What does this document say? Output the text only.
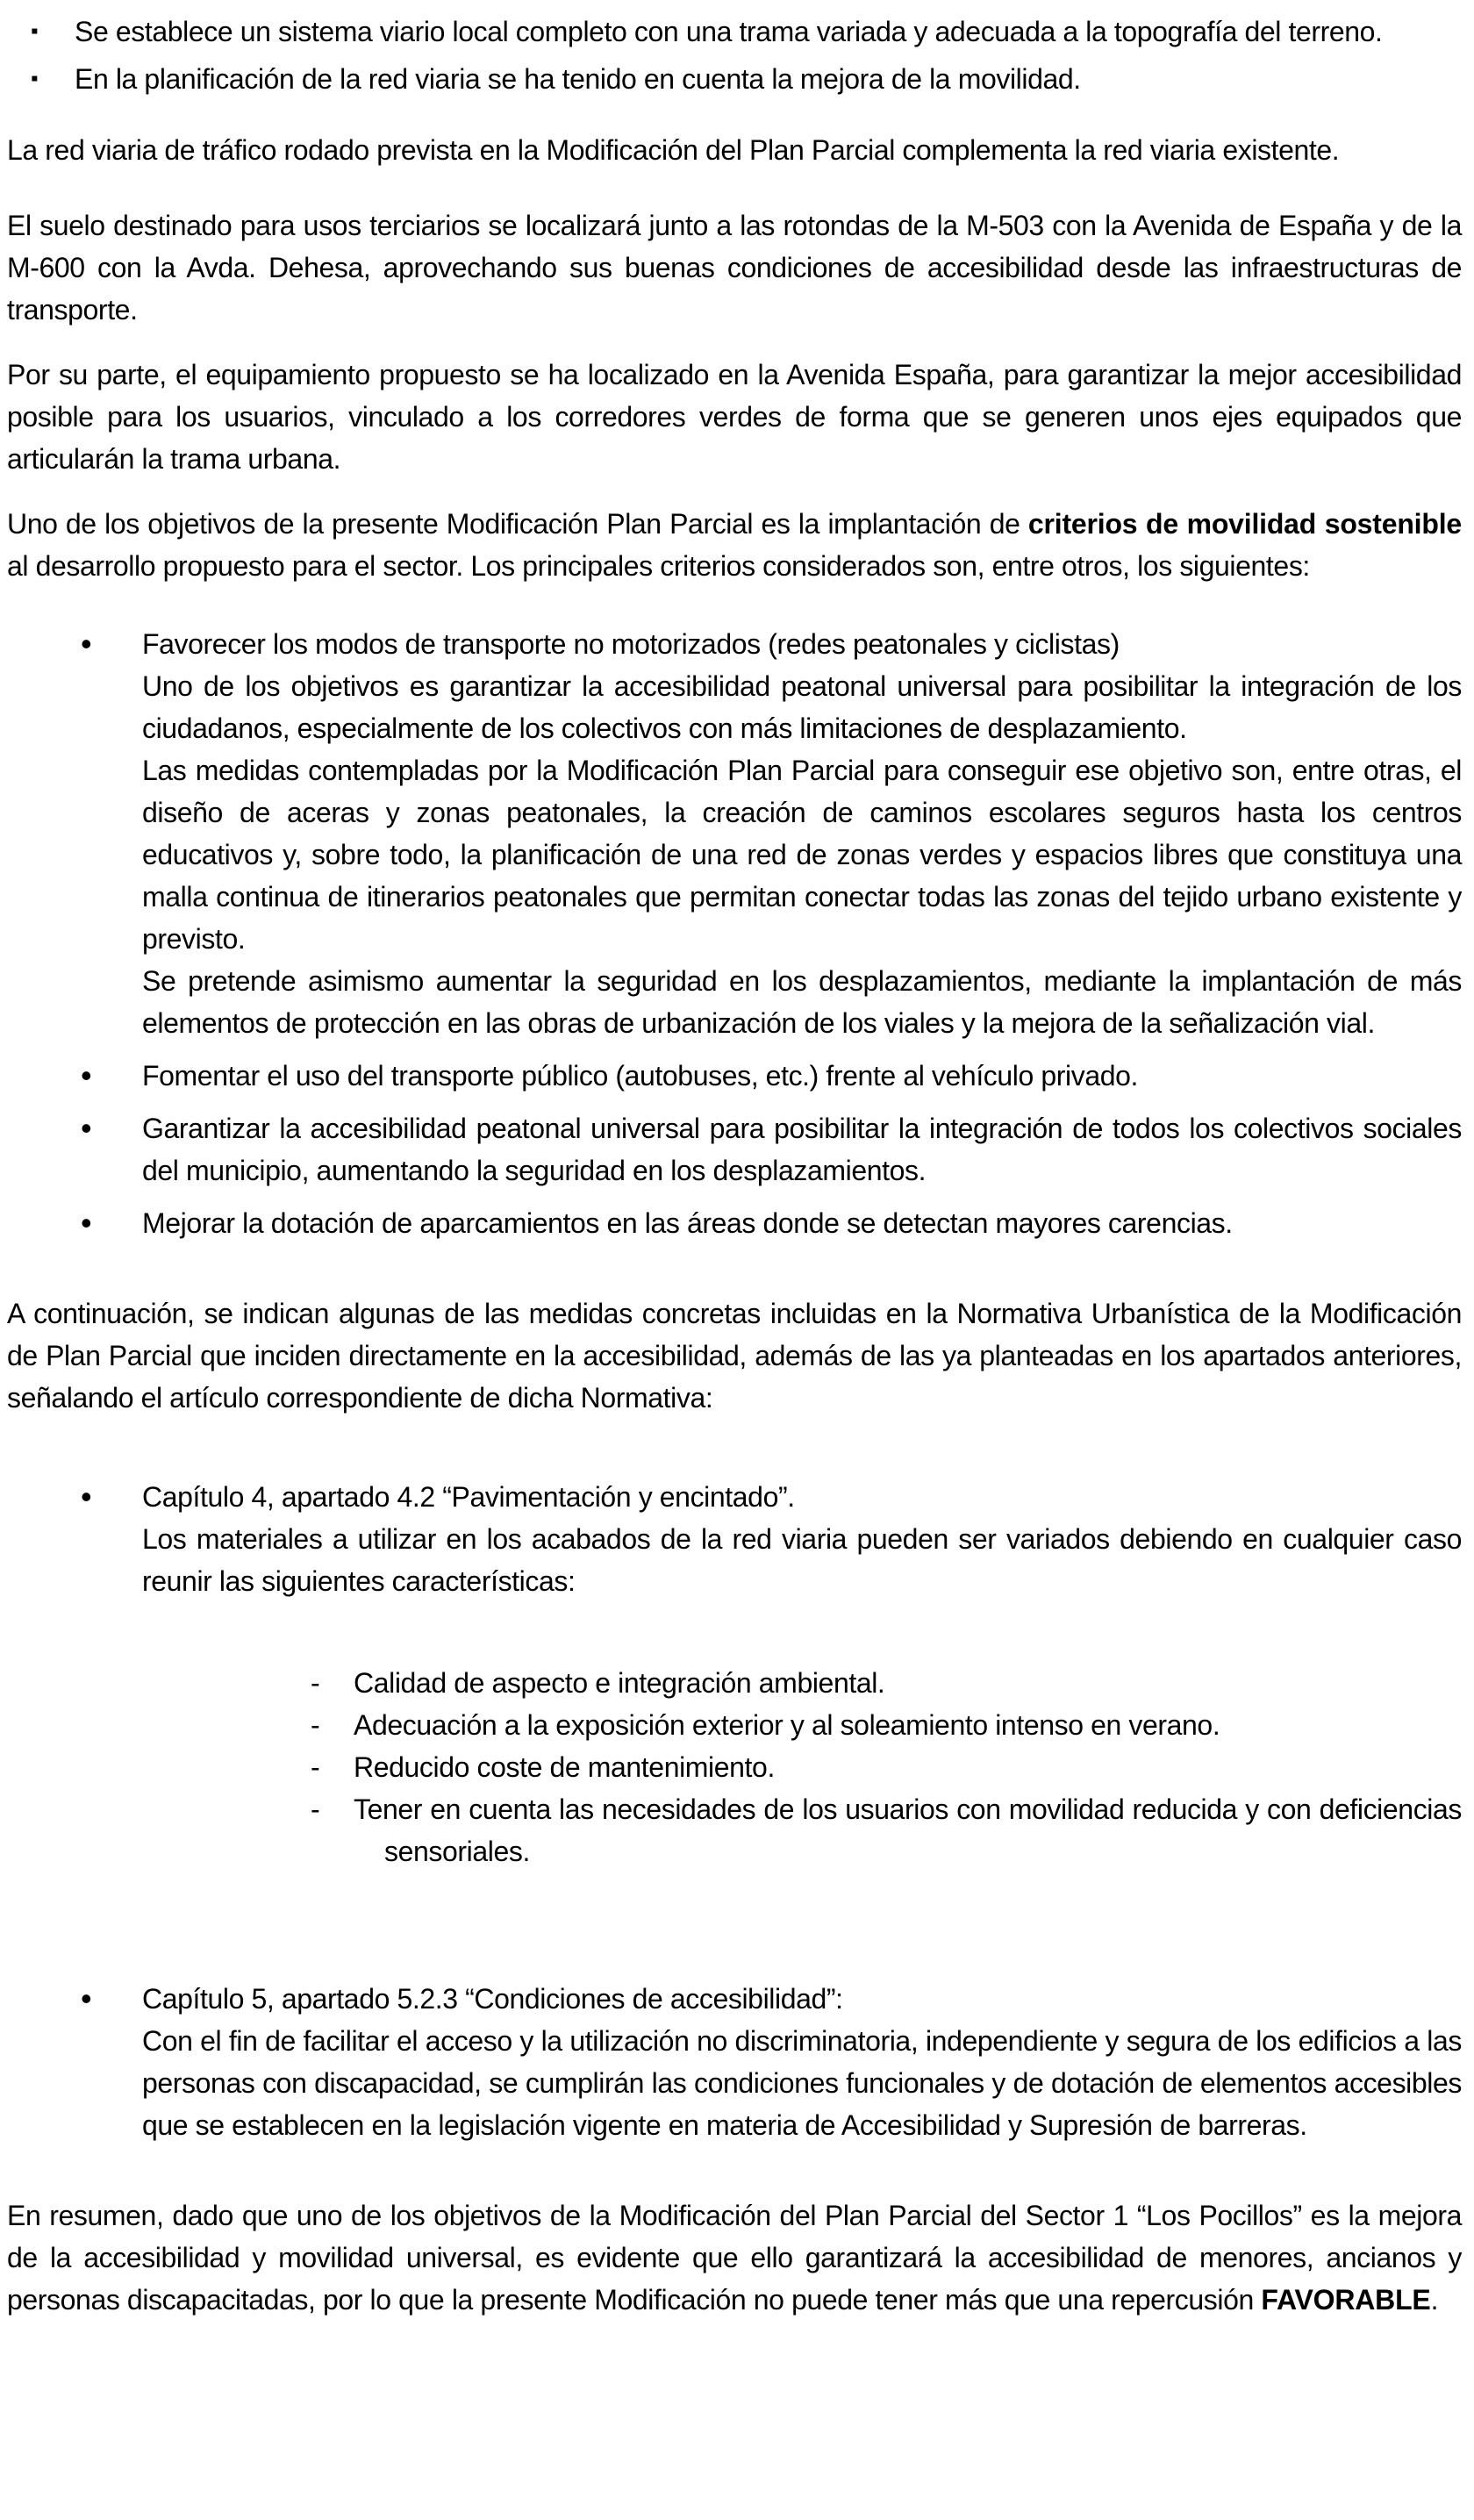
▪ Se establece un sistema viario local completo con una trama variada y adecuada a la topografía del terreno.
▪ En la planificación de la red viaria se ha tenido en cuenta la mejora de la movilidad.

La red viaria de tráfico rodado prevista en la Modificación del Plan Parcial complementa la red viaria existente.

El suelo destinado para usos terciarios se localizará junto a las rotondas de la M-503 con la Avenida de España y de la M-600 con la Avda. Dehesa, aprovechando sus buenas condiciones de accesibilidad desde las infraestructuras de transporte.

Por su parte, el equipamiento propuesto se ha localizado en la Avenida España, para garantizar la mejor accesibilidad posible para los usuarios, vinculado a los corredores verdes de forma que se generen unos ejes equipados que articularán la trama urbana.

Uno de los objetivos de la presente Modificación Plan Parcial es la implantación de criterios de movilidad sostenible al desarrollo propuesto para el sector. Los principales criterios considerados son, entre otros, los siguientes:

• Favorecer los modos de transporte no motorizados (redes peatonales y ciclistas)
Uno de los objetivos es garantizar la accesibilidad peatonal universal para posibilitar la integración de los ciudadanos, especialmente de los colectivos con más limitaciones de desplazamiento.
Las medidas contempladas por la Modificación Plan Parcial para conseguir ese objetivo son, entre otras, el diseño de aceras y zonas peatonales, la creación de caminos escolares seguros hasta los centros educativos y, sobre todo, la planificación de una red de zonas verdes y espacios libres que constituya una malla continua de itinerarios peatonales que permitan conectar todas las zonas del tejido urbano existente y previsto.
Se pretende asimismo aumentar la seguridad en los desplazamientos, mediante la implantación de más elementos de protección en las obras de urbanización de los viales y la mejora de la señalización vial.
• Fomentar el uso del transporte público (autobuses, etc.) frente al vehículo privado.
• Garantizar la accesibilidad peatonal universal para posibilitar la integración de todos los colectivos sociales del municipio, aumentando la seguridad en los desplazamientos.
• Mejorar la dotación de aparcamientos en las áreas donde se detectan mayores carencias.

A continuación, se indican algunas de las medidas concretas incluidas en la Normativa Urbanística de la Modificación de Plan Parcial que inciden directamente en la accesibilidad, además de las ya planteadas en los apartados anteriores, señalando el artículo correspondiente de dicha Normativa:

• Capítulo 4, apartado 4.2 “Pavimentación y encintado”.
Los materiales a utilizar en los acabados de la red viaria pueden ser variados debiendo en cualquier caso reunir las siguientes características:
- Calidad de aspecto e integración ambiental.
- Adecuación a la exposición exterior y al soleamiento intenso en verano.
- Reducido coste de mantenimiento.
- Tener en cuenta las necesidades de los usuarios con movilidad reducida y con deficiencias sensoriales.
• Capítulo 5, apartado 5.2.3 “Condiciones de accesibilidad”:
Con el fin de facilitar el acceso y la utilización no discriminatoria, independiente y segura de los edificios a las personas con discapacidad, se cumplirán las condiciones funcionales y de dotación de elementos accesibles que se establecen en la legislación vigente en materia de Accesibilidad y Supresión de barreras.

En resumen, dado que uno de los objetivos de la Modificación del Plan Parcial del Sector 1 “Los Pocillos” es la mejora de la accesibilidad y movilidad universal, es evidente que ello garantizará la accesibilidad de menores, ancianos y personas discapacitadas, por lo que la presente Modificación no puede tener más que una repercusión FAVORABLE.
